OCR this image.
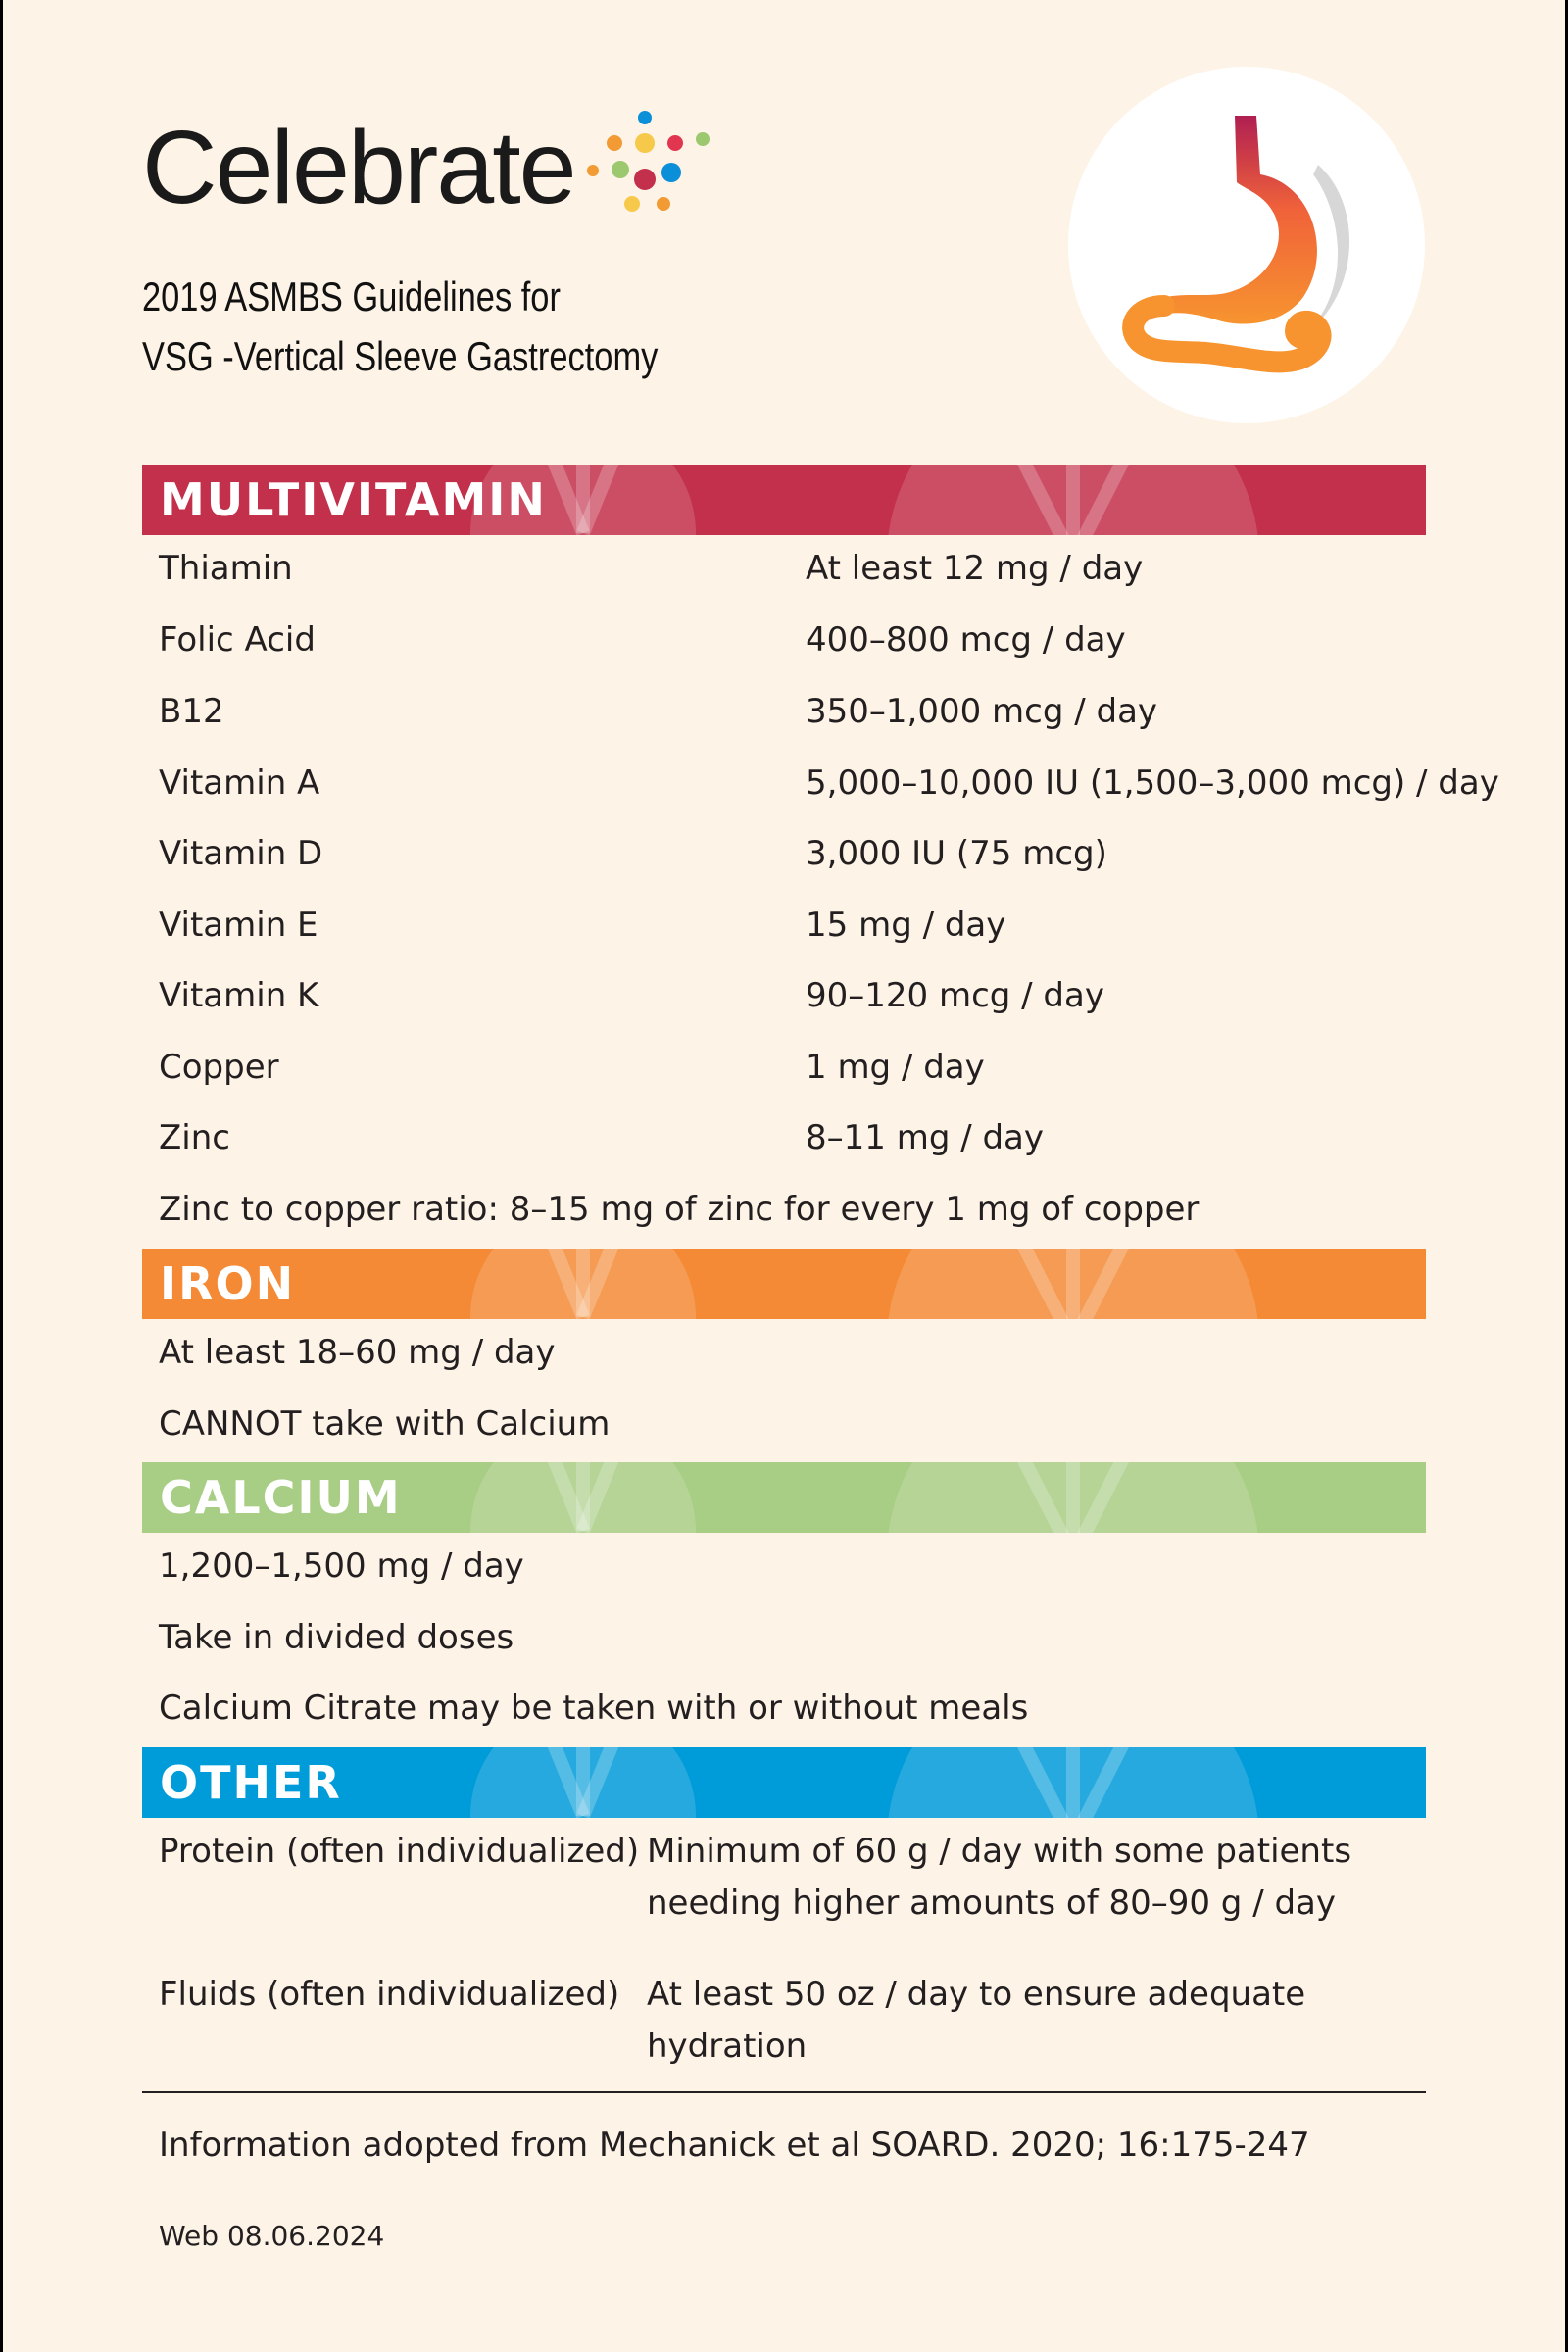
Celebrate
2019 ASMBS Guidelines for
VSG -Vertical Sleeve Gastrectomy
MULTIVITAMIN
Thiamin	At least 12 mg / day
Folic Acid	400–800 mcg / day
B12	350–1,000 mcg / day
Vitamin A	5,000–10,000 IU (1,500–3,000 mcg) / day
Vitamin D	3,000 IU (75 mcg)
Vitamin E	15 mg / day
Vitamin K	90–120 mcg / day
Copper	1 mg / day
Zinc	8–11 mg / day
Zinc to copper ratio: 8–15 mg of zinc for every 1 mg of copper
IRON
At least 18–60 mg / day
CANNOT take with Calcium
CALCIUM
1,200–1,500 mg / day
Take in divided doses
Calcium Citrate may be taken with or without meals
OTHER
Protein (often individualized) Minimum of 60 g / day with some patients
needing higher amounts of 80–90 g / day
Fluids (often individualized) At least 50 oz / day to ensure adequate
hydration
Information adopted from Mechanick et al SOARD. 2020; 16:175-247
Web 08.06.2024
